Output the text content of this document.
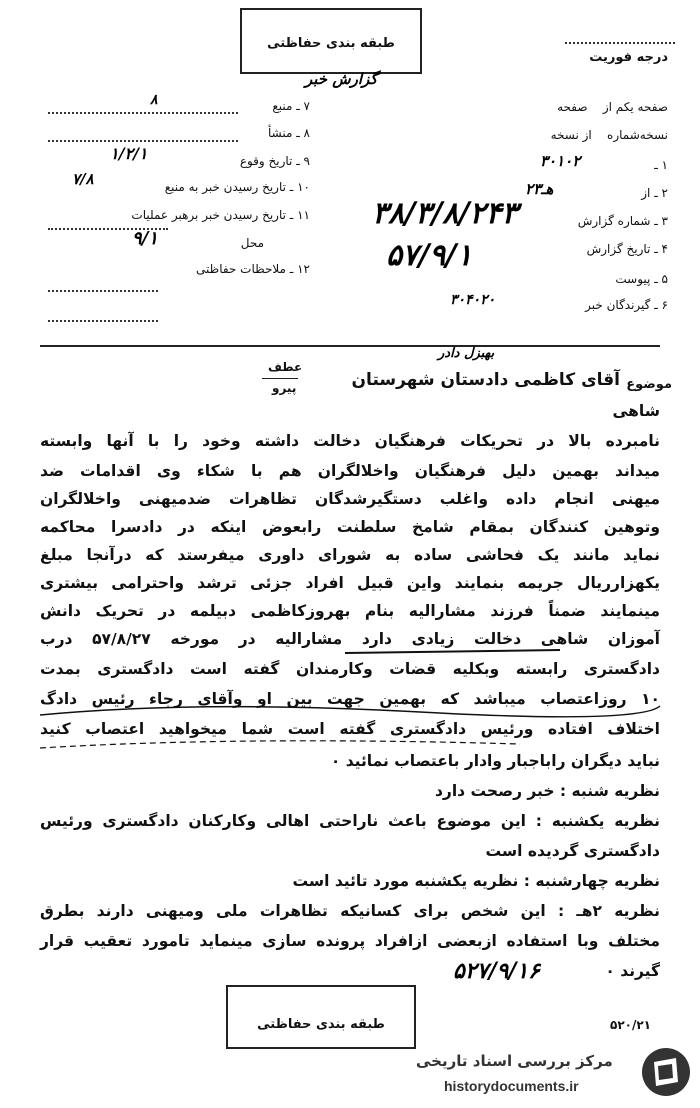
طبقه بندی حفاظتی
گزارش خبر
درجه فوریت
۷ ـ منبع
۸
۸ ـ منشأ
۹ ـ تاریخ وقوع
۱/۲/۱
۱۰ ـ تاریخ رسیدن خبر به منبع
۷/۸
۱۱ ـ تاریخ رسیدن خبر برهبر عملیات
محل
۹/۱
۱۲ ـ ملاحظات حفاظتی
صفحه یکم از    صفحه
نسخه‌شماره    از نسخه
۱ ـ
۳۰۱۰۲
۲ ـ از
۲هـ۳
۳ ـ شماره گزارش
۳۸/۳/۸/۲۴۳
۴ ـ تاریخ گزارش
۵۷/۹/۱
۵ ـ پیوست
۶ ـ گیرندگان خبر
۳۰۴۰۲۰
موضوع
آقای کاظمی دادستان شهرستان
بهبزل دادر
عطف
پیرو
شاهی
نامبرده بالا در تحریکات فرهنگیان دخالت داشته وخود را با آنها وابسته
میداند بهمین دلیل فرهنگیان واخلالگران هم با شکاء وی اقدامات ضد
میهنی انجام داده واغلب دستگیرشدگان تظاهرات ضدمیهنی واخلالگران
وتوهین کنندگان بمقام شامخ سلطنت رابعوض اینکه در دادسرا محاکمه
نماید مانند یک فحاشی ساده به شورای داوری میفرستد که درآنجا مبلغ
یکهزارریال جریمه بنمایند واین قبیل افراد جزئی ترشد واحترامی بیشتری
مینمایند ضمناً فرزند مشارالیه بنام بهروزکاظمی دبیلمه در تحریک دانش
آموزان شاهی دخالت زیادی دارد مشارالیه در مورخه ۵۷/۸/۲۷ درب
دادگستری رابسته وبکلیه قضات وکارمندان گفته است دادگستری بمدت
۱۰ روزاعتصاب میباشد که بهمین جهت بین او وآقای رجاء رئیس دادگ
اختلاف افتاده ورئیس دادگستری گفته است شما میخواهید اعتصاب کنید
نباید دیگران راباجبار وادار باعتصاب نمائید ۰
نظریه شنبه : خبر رصحت دارد
نظریه یکشنبه : این موضوع باعث ناراحتی اهالی وکارکنان دادگستری ورئیس
دادگستری گردیده است
نظریه چهارشنبه : نظریه یکشنبه مورد تائید است
نظریه ۲هـ : این شخص برای کسانیکه تظاهرات ملی ومیهنی دارند بطرق
مختلف وبا استفاده ازبعضی ازافراد پرونده سازی مینماید تامورد تعقیب قرار
گیرند ۰
۵۲۷/۹/۱۶
طبقه بندی حفاظتی	۵۲۰/۲۱
مرکز بررسی اسناد تاریخی
historydocuments.ir
